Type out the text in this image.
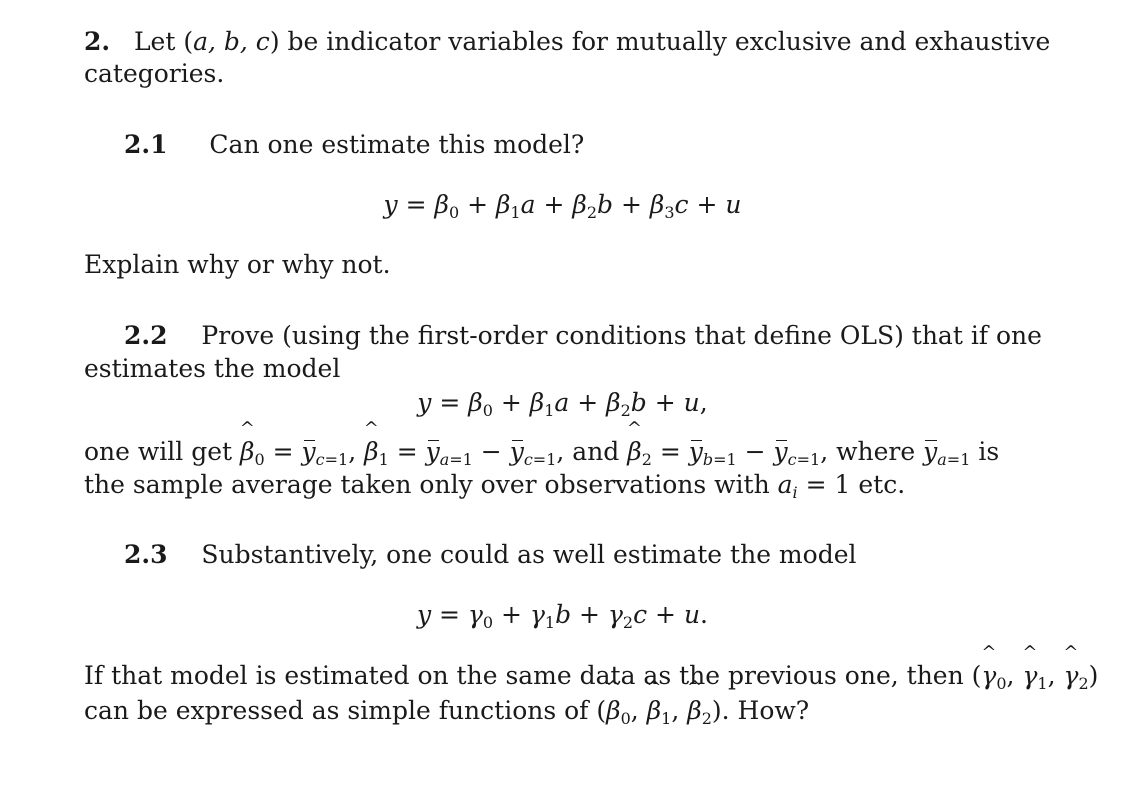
2.   Let (a, b, c) be indicator variables for mutually exclusive and exhaustive
categories.
2.1 Can one estimate this model?
$y = \beta_0 + \beta_1a + \beta_2b + \beta_3c + u$
Explain why or why not.
2.2 Prove (using the first-order conditions that define OLS) that if one
estimates the model
$y = \beta_0 + \beta_1a + \beta_2b + u$,
one will get ^ $\beta_0 = y_{c=1}$, ^ $\beta_1 = y_{a=1} - y_{c=1}$, and ^ $\beta_2 = y_{b=1} - y_{c=1}$, where $y_{a=1}$ is
the sample average taken only over observations with $a_i = 1$ etc.
2.3 Substantively, one could as well estimate the model
$y = \gamma_0 + \gamma_1b + \gamma_2c + u$.
If that model is estimated on the same data as the previous one, then (^ $\gamma_0$, ^ $\gamma_1$, ^ $\gamma_2$)
can be expressed as simple functions of (^ $\beta_0$, ^ $\beta_1$, ^ $\beta_2$). How?
